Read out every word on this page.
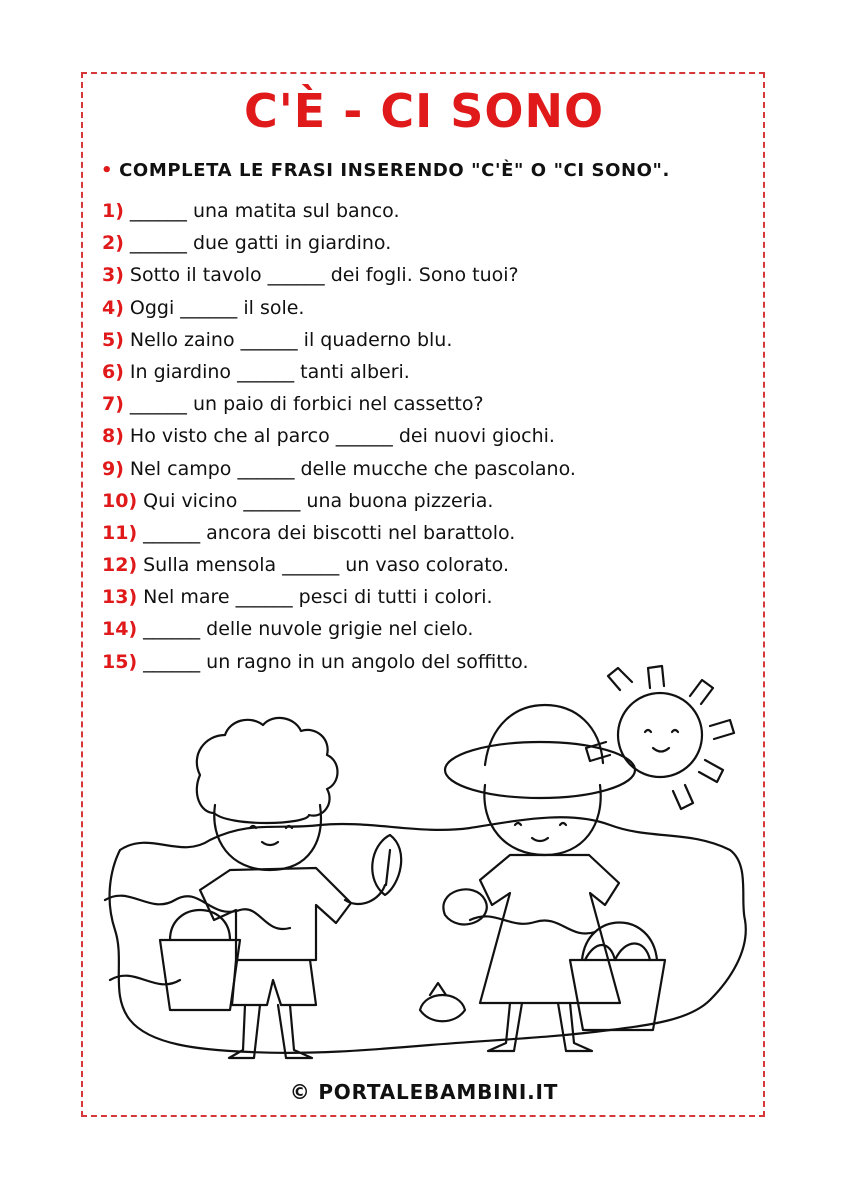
C'È - CI SONO
• COMPLETA LE FRASI INSERENDO "C'È" O "CI SONO".
1) ______ una matita sul banco.
2) ______ due gatti in giardino.
3) Sotto il tavolo ______ dei fogli. Sono tuoi?
4) Oggi ______ il sole.
5) Nello zaino ______ il quaderno blu.
6) In giardino ______ tanti alberi.
7) ______ un paio di forbici nel cassetto?
8) Ho visto che al parco ______ dei nuovi giochi.
9) Nel campo ______ delle mucche che pascolano.
10) Qui vicino ______ una buona pizzeria.
11) ______ ancora dei biscotti nel barattolo.
12) Sulla mensola ______ un vaso colorato.
13) Nel mare ______ pesci di tutti i colori.
14) ______ delle nuvole grigie nel cielo.
15) ______ un ragno in un angolo del soffitto.
© PORTALEBAMBINI.IT
